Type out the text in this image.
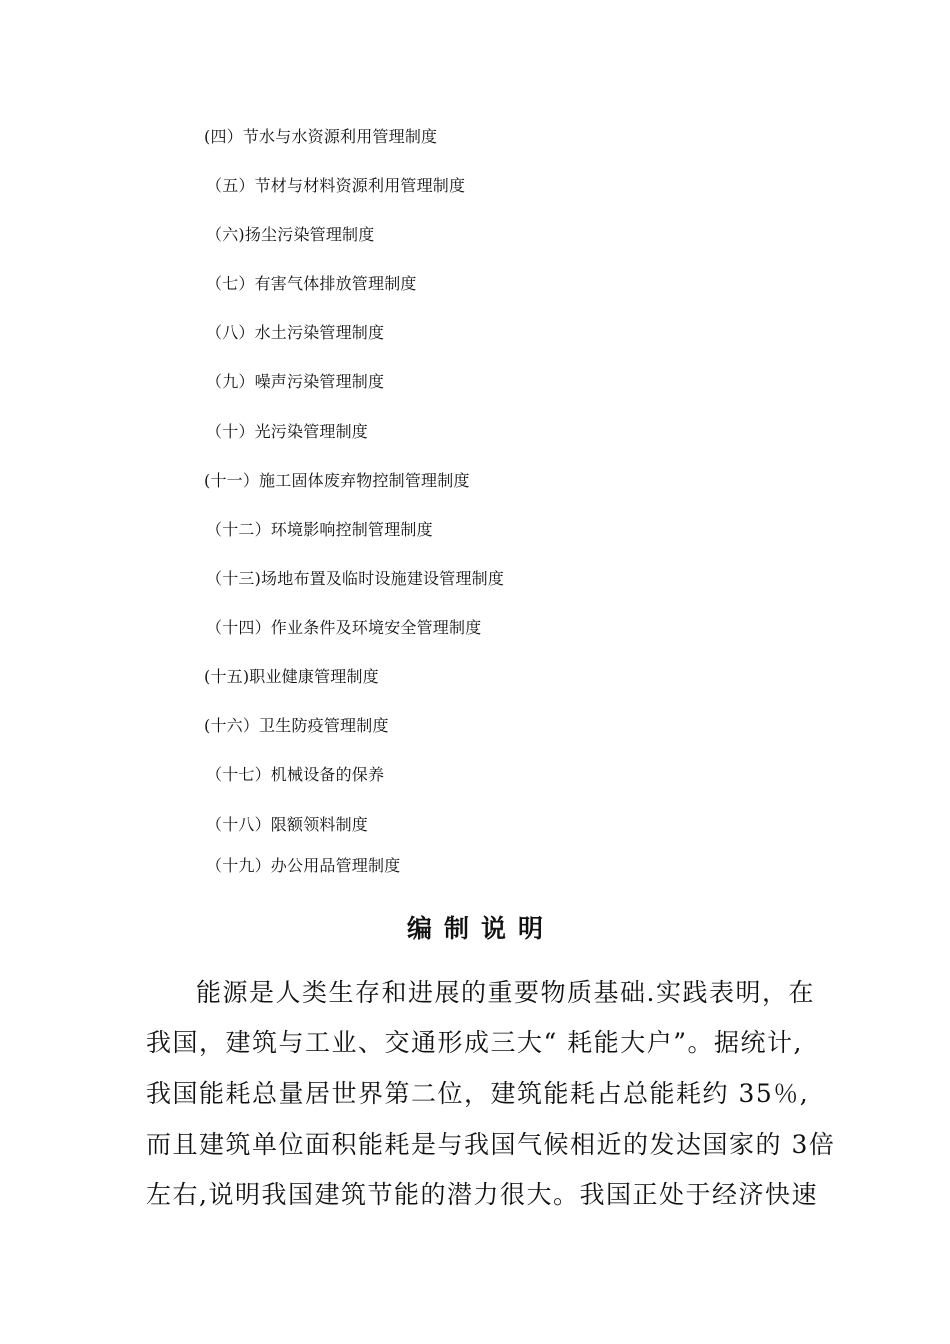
(四）节水与水资源利用管理制度
（五）节材与材料资源利用管理制度
（六)扬尘污染管理制度
（七）有害气体排放管理制度
（八）水土污染管理制度
（九）噪声污染管理制度
（十）光污染管理制度
(十一）施工固体废弃物控制管理制度
（十二）环境影响控制管理制度
（十三)场地布置及临时设施建设管理制度
（十四）作业条件及环境安全管理制度
(十五)职业健康管理制度
(十六）卫生防疫管理制度
（十七）机械设备的保养
（十八）限额领料制度
（十九）办公用品管理制度
编制说明
能源是人类生存和进展的重要物质基础.实践表明，在
我国，建筑与工业、交通形成三大“ 耗能大户”。据统计,
我国能耗总量居世界第二位，建筑能耗占总能耗约 35％,
而且建筑单位面积能耗是与我国气候相近的发达国家的 3倍
左右,说明我国建筑节能的潜力很大。我国正处于经济快速
